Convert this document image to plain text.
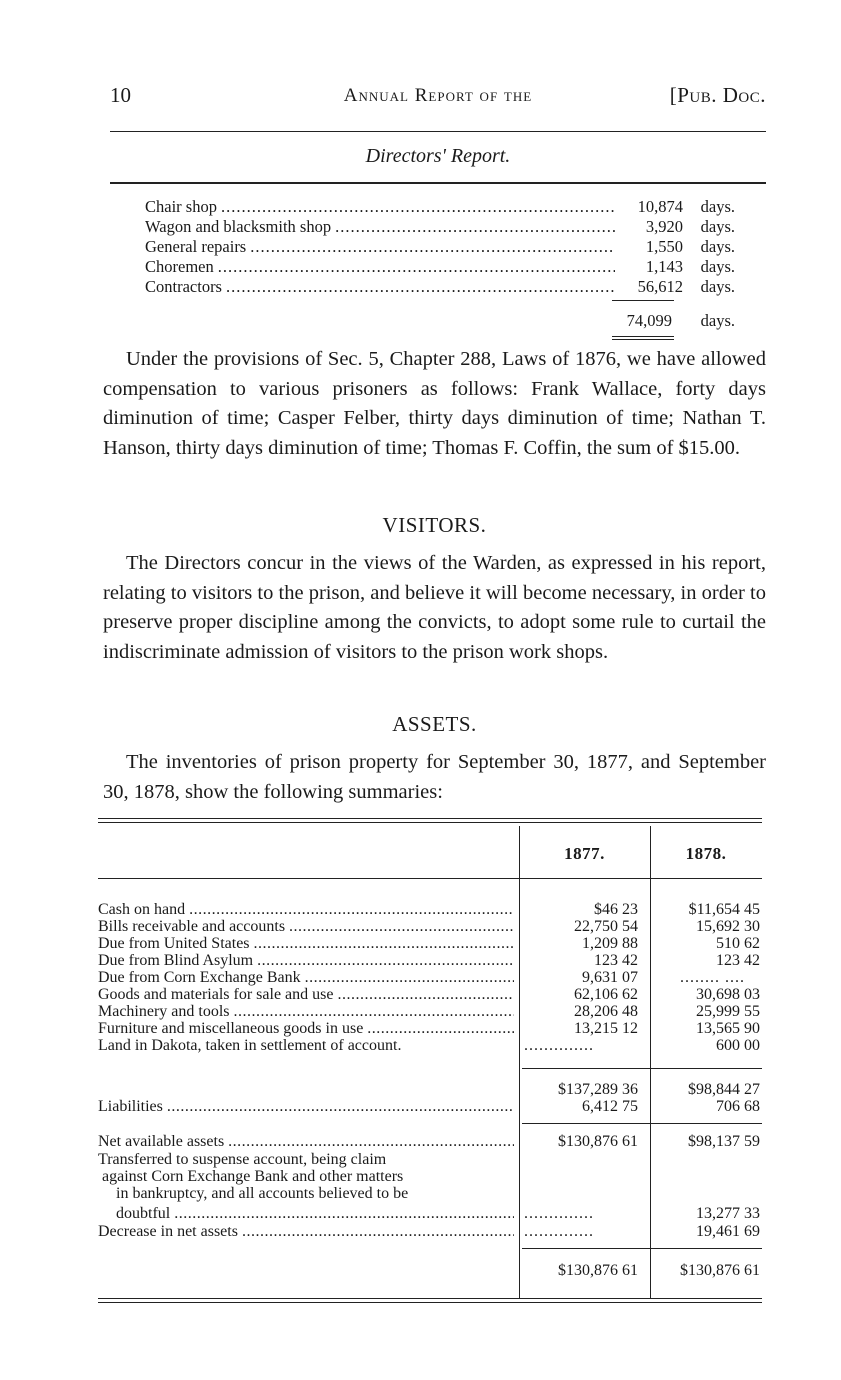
10	Annual Report of the	[Pub. Doc.
Directors' Report.
Chair shop .....	10,874	days.
Wagon and blacksmith shop .....	3,920	days.
General repairs .....	1,550	days.
Choremen .....	1,143	days.
Contractors .....	56,612	days.
74,099	days.

Under the provisions of Sec. 5, Chapter 288, Laws of 1876, we have allowed compensation to various prisoners as follows: Frank Wallace, forty days diminution of time; Casper Felber, thirty days diminution of time; Nathan T. Hanson, thirty days diminution of time; Thomas F. Coffin, the sum of $15.00.

VISITORS.

The Directors concur in the views of the Warden, as expressed in his report, relating to visitors to the prison, and believe it will become necessary, in order to preserve proper discipline among the convicts, to adopt some rule to curtail the indiscriminate admission of visitors to the prison work shops.

ASSETS.

The inventories of prison property for September 30, 1877, and September 30, 1878, show the following summaries:

1877.	1878.
Cash on hand .....	$46 23	$11,654 45
Bills receivable and accounts .....	22,750 54	15,692 30
Due from United States .....	1,209 88	510 62
Due from Blind Asylum .....	123 42	123 42
Due from Corn Exchange Bank .....	9,631 07	........ ....
Goods and materials for sale and use .....	62,106 62	30,698 03
Machinery and tools .....	28,206 48	25,999 55
Furniture and miscellaneous goods in use .....	13,215 12	13,565 90
Land in Dakota, taken in settlement of account.	..............	600 00
$137,289 36	$98,844 27
Liabilities .....	6,412 75	706 68
Net available assets .....	$130,876 61	$98,137 59
Transferred to suspense account, being claim
against Corn Exchange Bank and other matters
in bankruptcy, and all accounts believed to be
doubtful .....	..............	13,277 33
Decrease in net assets .....	..............	19,461 69
$130,876 61	$130,876 61
